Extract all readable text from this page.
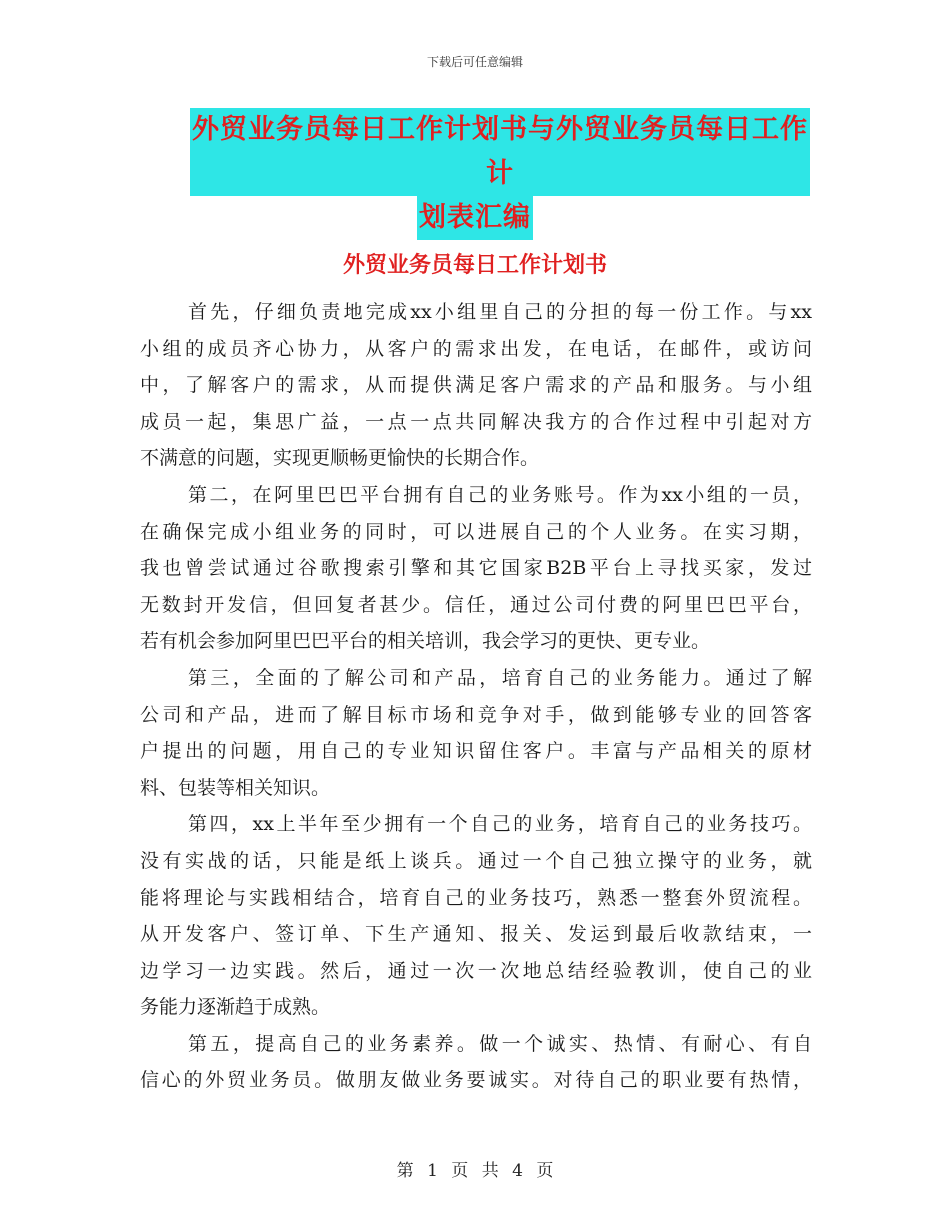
下载后可任意编辑
外贸业务员每日工作计划书与外贸业务员每日工作计
划表汇编
外贸业务员每日工作计划书
首先，仔细负责地完成xx小组里自己的分担的每一份工作。与xx
小组的成员齐心协力，从客户的需求出发，在电话，在邮件，或访问
中，了解客户的需求，从而提供满足客户需求的产品和服务。与小组
成员一起，集思广益，一点一点共同解决我方的合作过程中引起对方
不满意的问题，实现更顺畅更愉快的长期合作。
第二，在阿里巴巴平台拥有自己的业务账号。作为xx小组的一员，
在确保完成小组业务的同时，可以进展自己的个人业务。在实习期，
我也曾尝试通过谷歌搜索引擎和其它国家B2B平台上寻找买家，发过
无数封开发信，但回复者甚少。信任，通过公司付费的阿里巴巴平台，
若有机会参加阿里巴巴平台的相关培训，我会学习的更快、更专业。
第三，全面的了解公司和产品，培育自己的业务能力。通过了解
公司和产品，进而了解目标市场和竞争对手，做到能够专业的回答客
户提出的问题，用自己的专业知识留住客户。丰富与产品相关的原材
料、包装等相关知识。
第四，xx上半年至少拥有一个自己的业务，培育自己的业务技巧。
没有实战的话，只能是纸上谈兵。通过一个自己独立操守的业务，就
能将理论与实践相结合，培育自己的业务技巧，熟悉一整套外贸流程。
从开发客户、签订单、下生产通知、报关、发运到最后收款结束，一
边学习一边实践。然后，通过一次一次地总结经验教训，使自己的业
务能力逐渐趋于成熟。
第五，提高自己的业务素养。做一个诚实、热情、有耐心、有自
信心的外贸业务员。做朋友做业务要诚实。对待自己的职业要有热情，
第 1 页 共 4 页
